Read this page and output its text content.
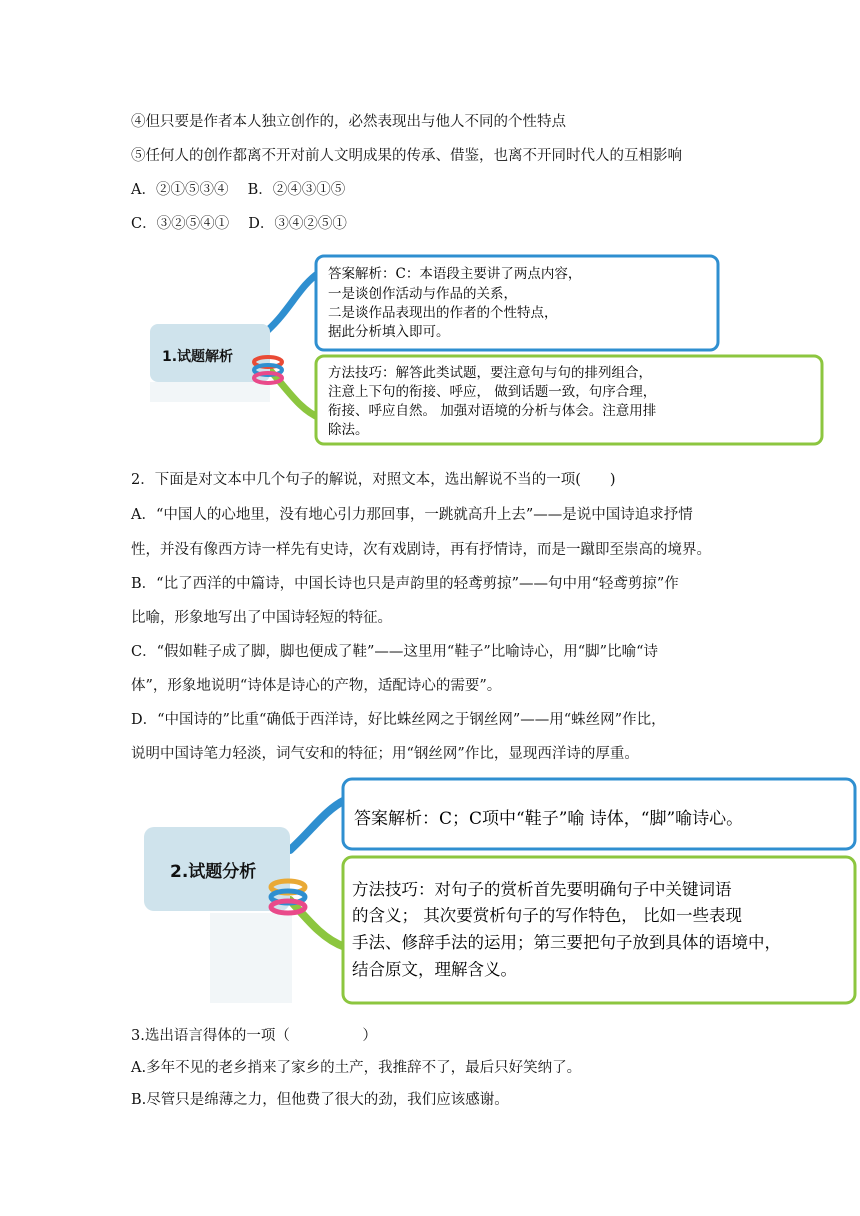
④但只要是作者本人独立创作的，必然表现出与他人不同的个性特点
⑤任何人的创作都离不开对前人文明成果的传承、借鉴，也离不开同时代人的互相影响
A．②①⑤③④　 B．②④③①⑤
C．③②⑤④①　 D．③④②⑤①
1.试题解析
答案解析：C：本语段主要讲了两点内容， 一是谈创作活动与作品的关系， 二是谈作品表现出的作者的个性特点， 据此分析填入即可。
方法技巧：解答此类试题，要注意句与句的排列组合， 注意上下句的衔接、呼应， 做到话题一致，句序合理， 衔接、呼应自然。 加强对语境的分析与体会。注意用排 除法。
2．下面是对文本中几个句子的解说，对照文本，选出解说不当的一项(　　)
A．“中国人的心地里，没有地心引力那回事，一跳就高升上去”——是说中国诗追求抒情
性，并没有像西方诗一样先有史诗，次有戏剧诗，再有抒情诗，而是一蹴即至崇高的境界。
B．“比了西洋的中篇诗，中国长诗也只是声韵里的轻鸢剪掠”——句中用“轻鸢剪掠”作
比喻，形象地写出了中国诗轻短的特征。
C．“假如鞋子成了脚，脚也便成了鞋”——这里用“鞋子”比喻诗心，用“脚”比喻“诗
体”，形象地说明“诗体是诗心的产物，适配诗心的需要”。
D．“中国诗的”比重“确低于西洋诗，好比蛛丝网之于钢丝网”——用“蛛丝网”作比，
说明中国诗笔力轻淡，词气安和的特征；用“钢丝网”作比，显现西洋诗的厚重。
2.试题分析
答案解析：C；C项中“鞋子”喻 诗体，“脚”喻诗心。
方法技巧：对句子的赏析首先要明确句子中关键词语 的含义； 其次要赏析句子的写作特色， 比如一些表现 手法、修辞手法的运用；第三要把句子放到具体的语境中， 结合原文，理解含义。
3.选出语言得体的一项（　　　　　）
A.多年不见的老乡捎来了家乡的土产，我推辞不了，最后只好笑纳了。
B.尽管只是绵薄之力，但他费了很大的劲，我们应该感谢。
